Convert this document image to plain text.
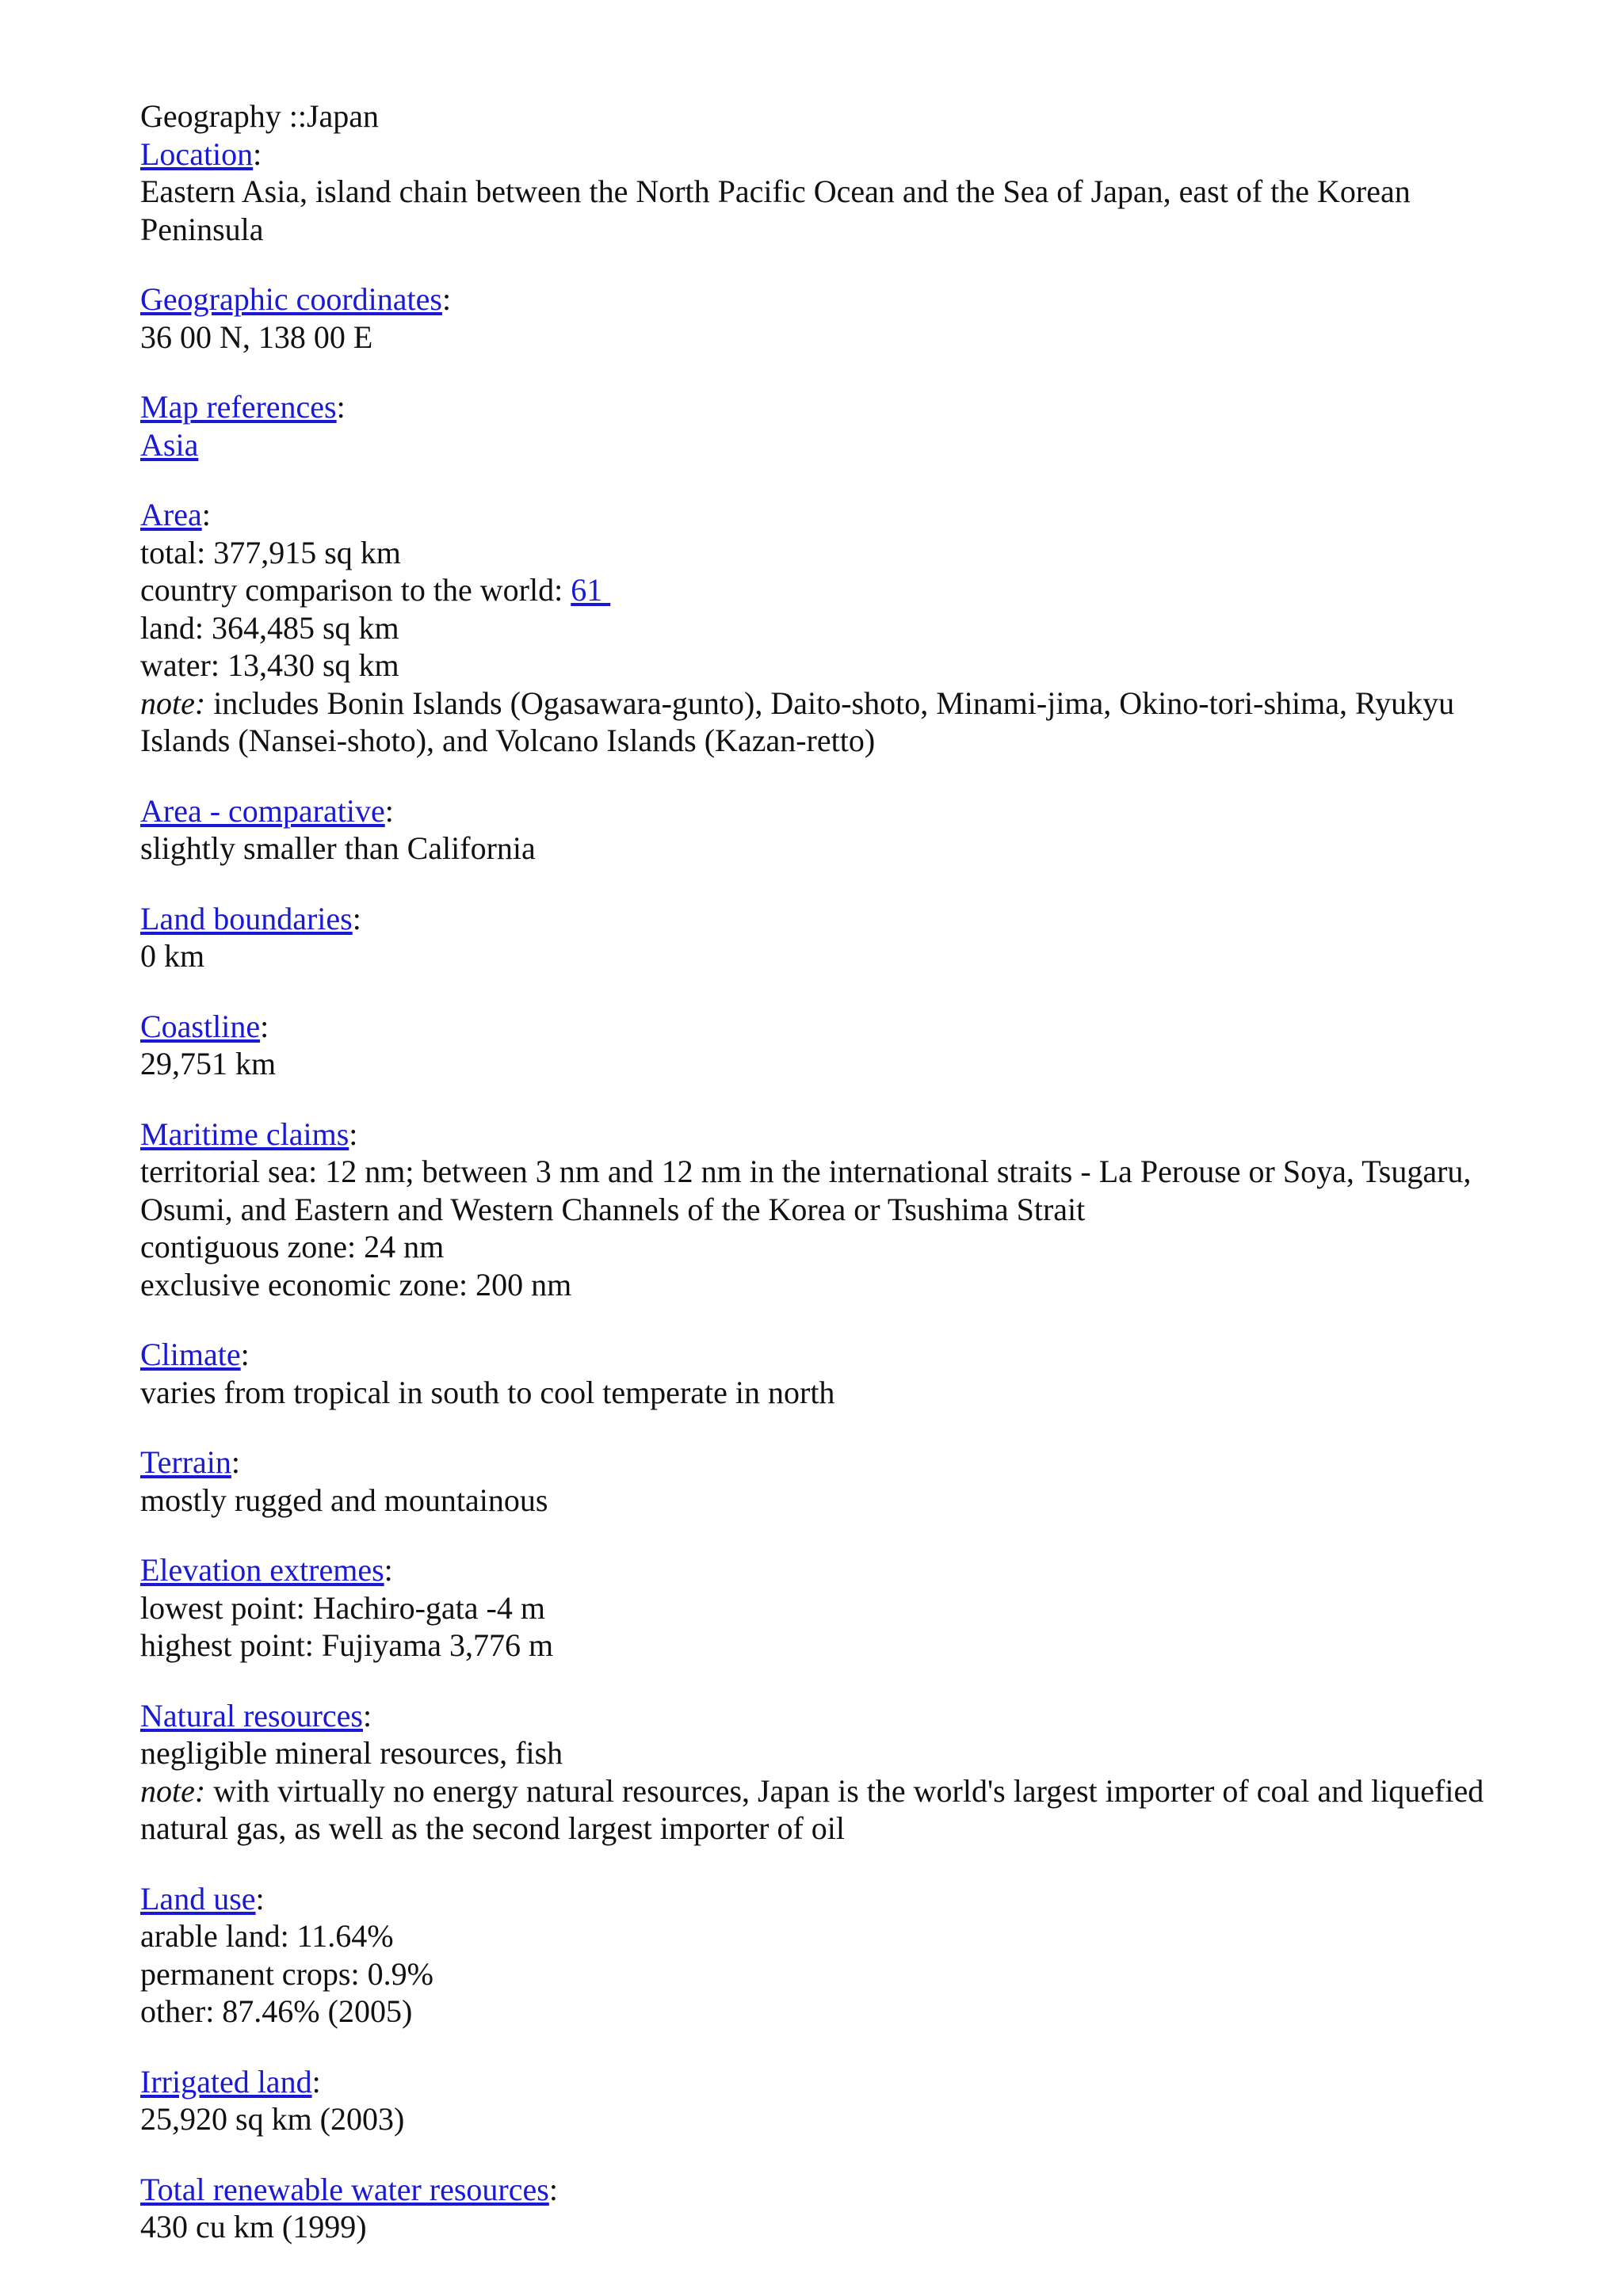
Geography ::Japan
Location:
Eastern Asia, island chain between the North Pacific Ocean and the Sea of Japan, east of the Korean Peninsula
Geographic coordinates:
36 00 N, 138 00 E
Map references:
Asia
Area:
total: 377,915 sq km
country comparison to the world: 61
land: 364,485 sq km
water: 13,430 sq km
note: includes Bonin Islands (Ogasawara-gunto), Daito-shoto, Minami-jima, Okino-tori-shima, Ryukyu Islands (Nansei-shoto), and Volcano Islands (Kazan-retto)
Area - comparative:
slightly smaller than California
Land boundaries:
0 km
Coastline:
29,751 km
Maritime claims:
territorial sea: 12 nm; between 3 nm and 12 nm in the international straits - La Perouse or Soya, Tsugaru, Osumi, and Eastern and Western Channels of the Korea or Tsushima Strait
contiguous zone: 24 nm
exclusive economic zone: 200 nm
Climate:
varies from tropical in south to cool temperate in north
Terrain:
mostly rugged and mountainous
Elevation extremes:
lowest point: Hachiro-gata -4 m
highest point: Fujiyama 3,776 m
Natural resources:
negligible mineral resources, fish
note: with virtually no energy natural resources, Japan is the world's largest importer of coal and liquefied natural gas, as well as the second largest importer of oil
Land use:
arable land: 11.64%
permanent crops: 0.9%
other: 87.46% (2005)
Irrigated land:
25,920 sq km (2003)
Total renewable water resources:
430 cu km (1999)
